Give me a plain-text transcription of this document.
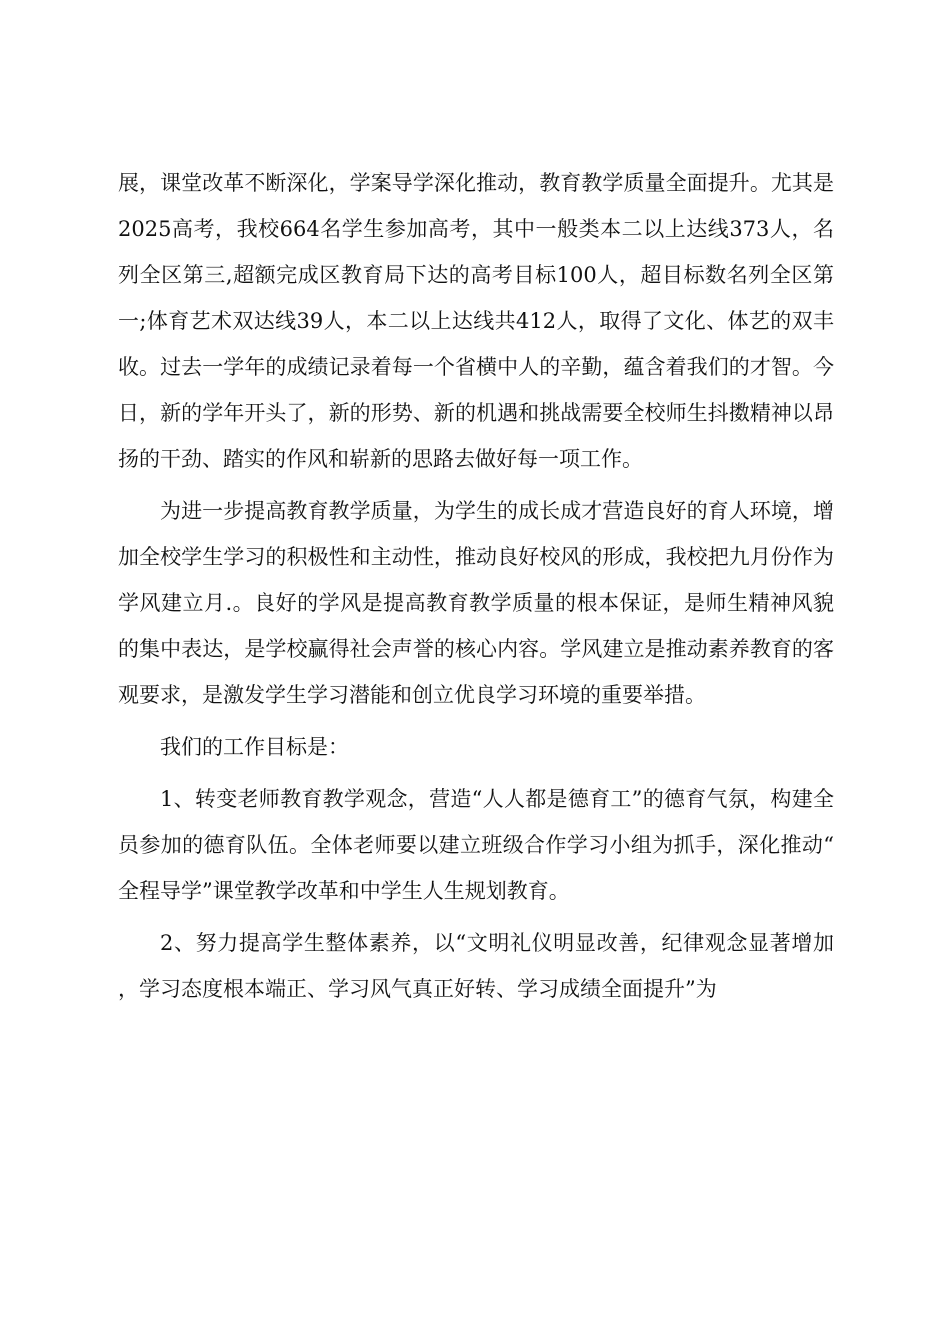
展，课堂改革不断深化，学案导学深化推动，教育教学质量全面提升。尤其是2025高考，我校664名学生参加高考，其中一般类本二以上达线373人，名列全区第三,超额完成区教育局下达的高考目标100人，超目标数名列全区第一;体育艺术双达线39人，本二以上达线共412人，取得了文化、体艺的双丰收。过去一学年的成绩记录着每一个省横中人的辛勤，蕴含着我们的才智。今日，新的学年开头了，新的形势、新的机遇和挑战需要全校师生抖擞精神以昂扬的干劲、踏实的作风和崭新的思路去做好每一项工作。

为进一步提高教育教学质量，为学生的成长成才营造良好的育人环境，增加全校学生学习的积极性和主动性，推动良好校风的形成，我校把九月份作为学风建立月.。良好的学风是提高教育教学质量的根本保证，是师生精神风貌的集中表达，是学校赢得社会声誉的核心内容。学风建立是推动素养教育的客观要求，是激发学生学习潜能和创立优良学习环境的重要举措。

我们的工作目标是：

1、转变老师教育教学观念，营造“人人都是德育工”的德育气氛，构建全员参加的德育队伍。全体老师要以建立班级合作学习小组为抓手，深化推动“全程导学”课堂教学改革和中学生人生规划教育。

2、努力提高学生整体素养，以“文明礼仪明显改善，纪律观念显著增加，学习态度根本端正、学习风气真正好转、学习成绩全面提升”为
